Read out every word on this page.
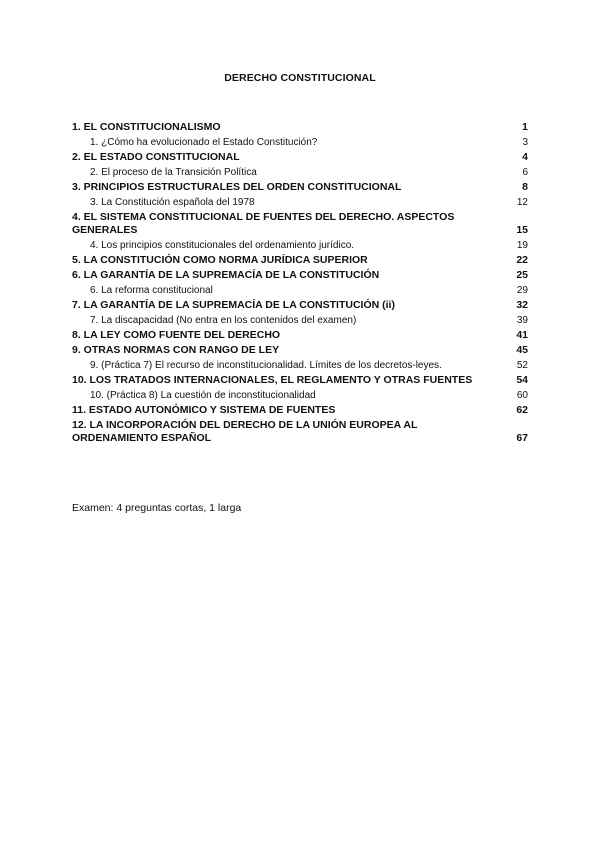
DERECHO CONSTITUCIONAL
1. EL CONSTITUCIONALISMO	1
1. ¿Cómo ha evolucionado el Estado Constitución?	3
2. EL ESTADO CONSTITUCIONAL	4
2. El proceso de la Transición Política	6
3. PRINCIPIOS ESTRUCTURALES DEL ORDEN CONSTITUCIONAL	8
3. La Constitución española del 1978	12
4. EL SISTEMA CONSTITUCIONAL DE FUENTES DEL DERECHO. ASPECTOS GENERALES	15
4. Los principios constitucionales del ordenamiento jurídico.	19
5. LA CONSTITUCIÓN COMO NORMA JURÍDICA SUPERIOR	22
6. LA GARANTÍA DE LA SUPREMACÍA DE LA CONSTITUCIÓN	25
6. La reforma constitucional	29
7. LA GARANTÍA DE LA SUPREMACÍA DE LA CONSTITUCIÓN (ii)	32
7. La discapacidad (No entra en los contenidos del examen)	39
8. LA LEY COMO FUENTE DEL DERECHO	41
9. OTRAS NORMAS CON RANGO DE LEY	45
9. (Práctica 7) El recurso de inconstitucionalidad. Límites de los decretos-leyes.	52
10. LOS TRATADOS INTERNACIONALES, EL REGLAMENTO Y OTRAS FUENTES	54
10. (Práctica 8) La cuestión de inconstitucionalidad	60
11. ESTADO AUTONÓMICO Y SISTEMA DE FUENTES	62
12. LA INCORPORACIÓN DEL DERECHO DE LA UNIÓN EUROPEA AL ORDENAMIENTO ESPAÑOL	67
Examen: 4 preguntas cortas, 1 larga
